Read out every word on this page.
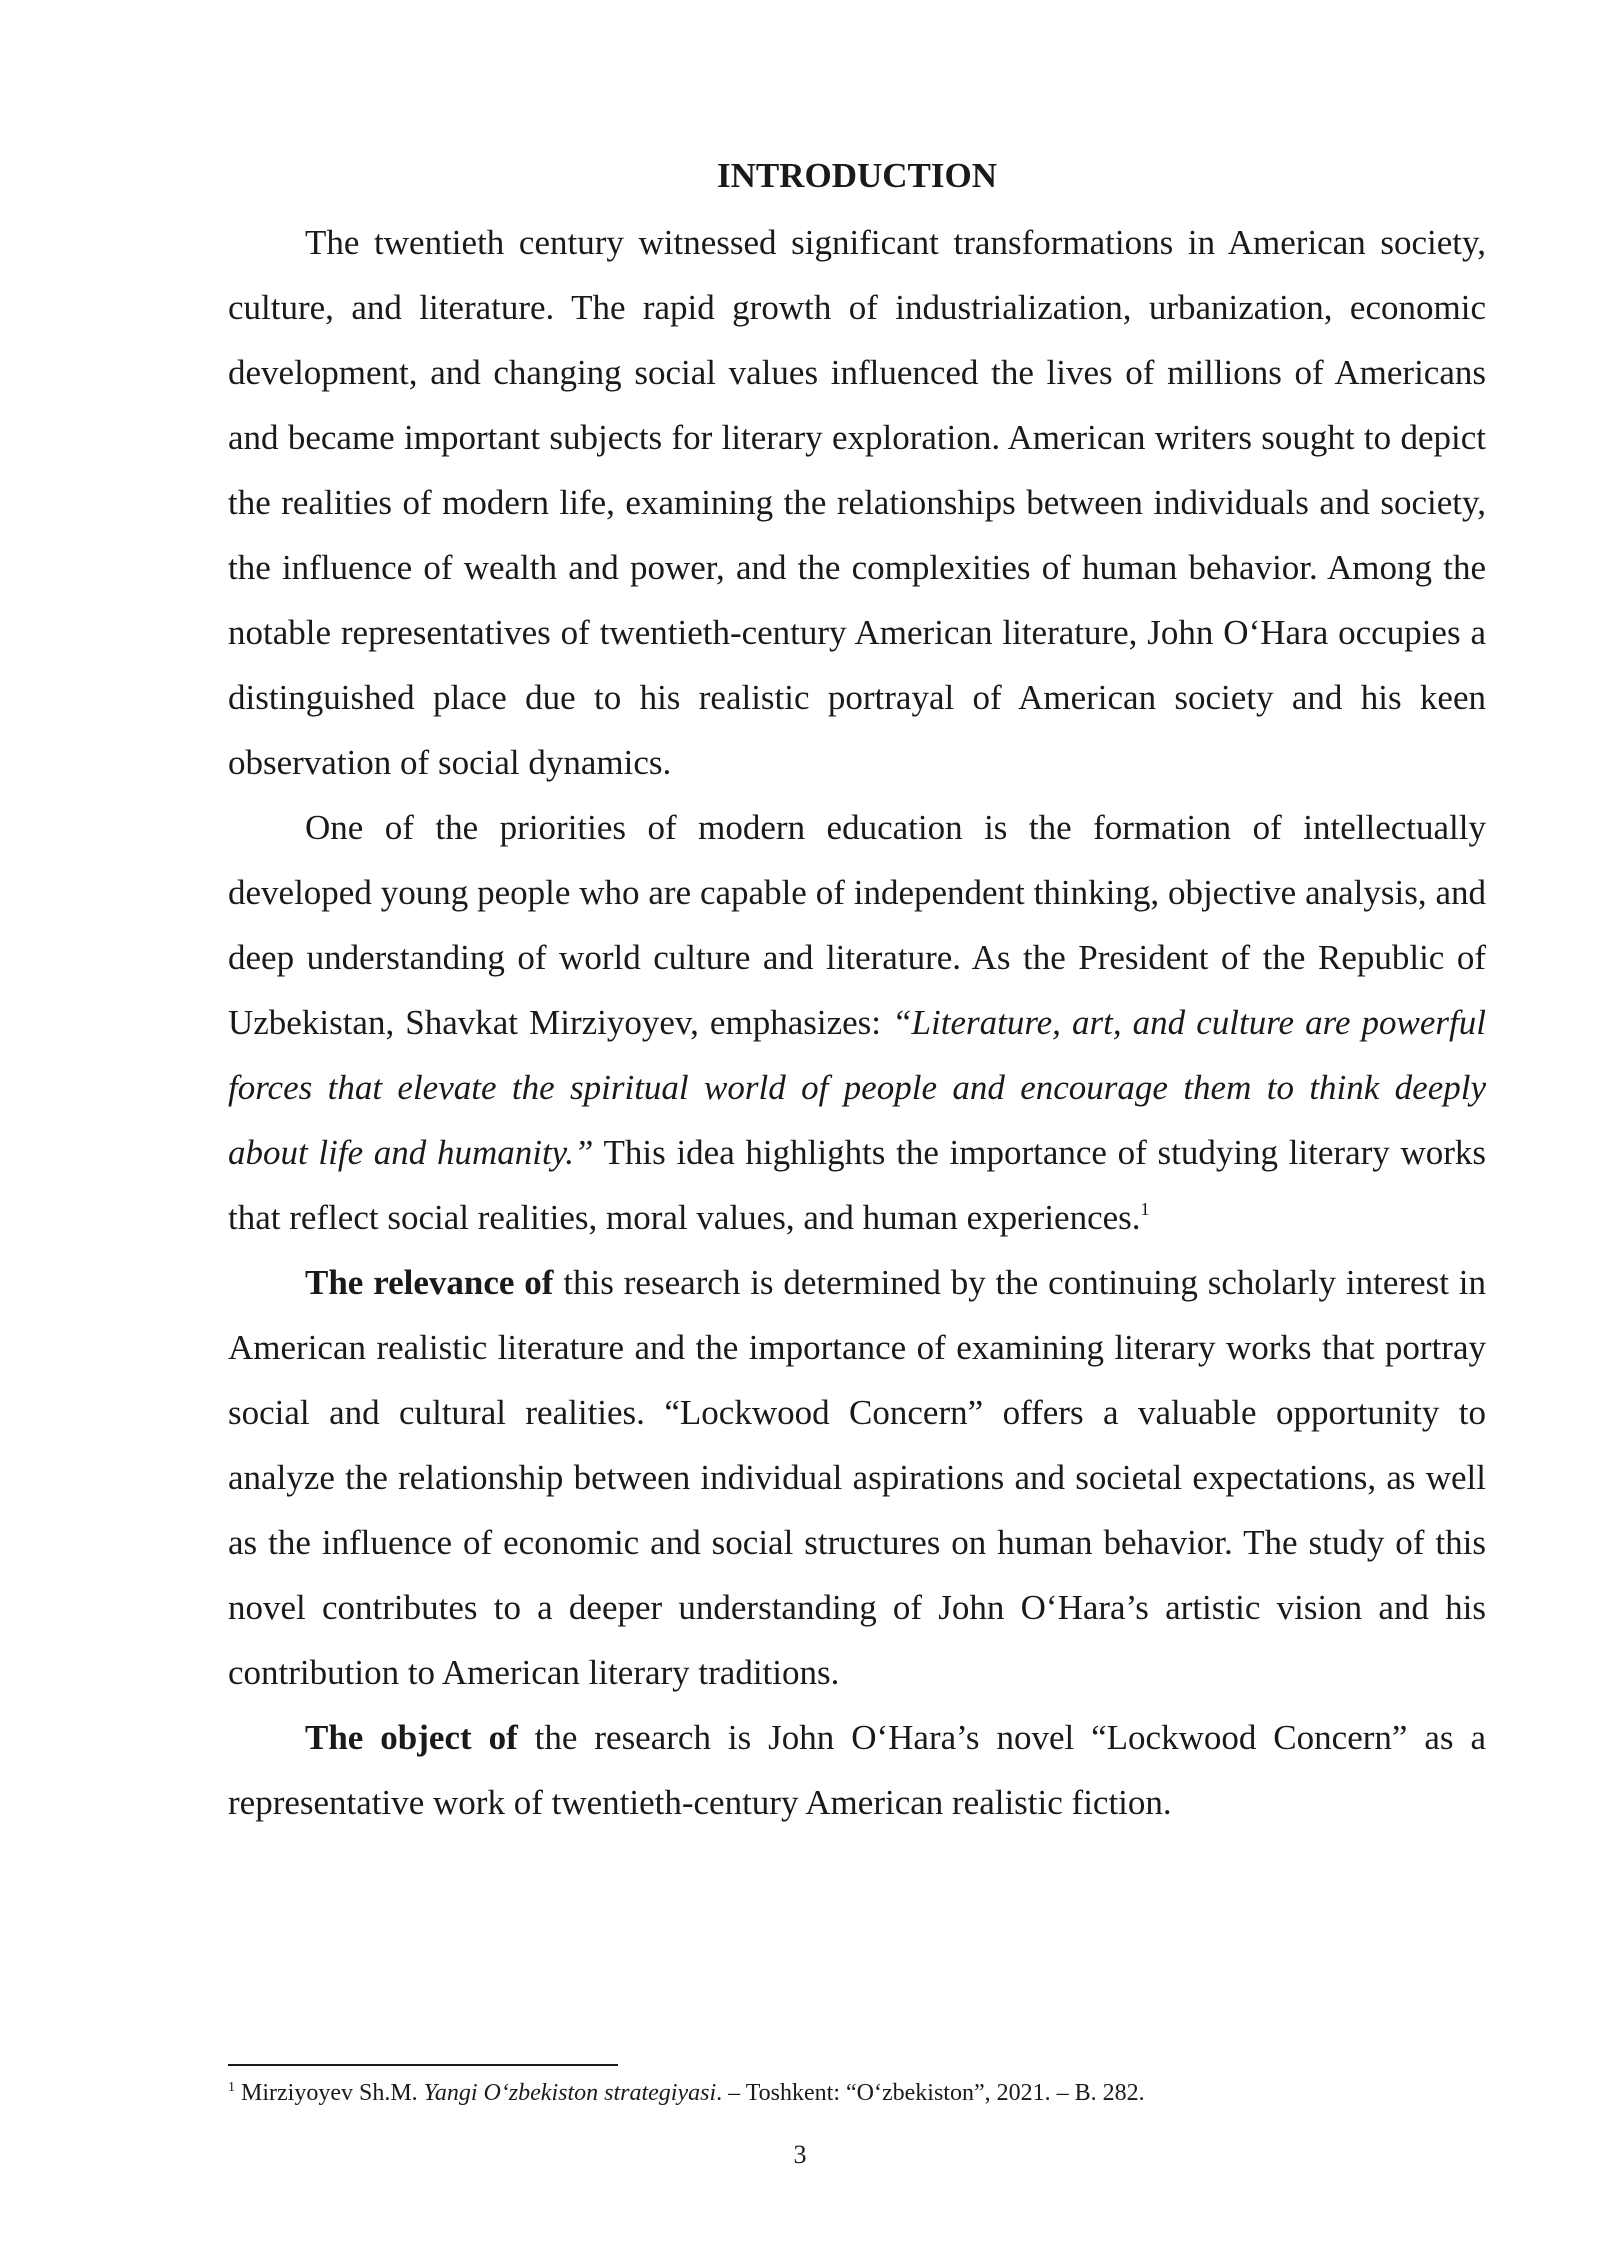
INTRODUCTION

The twentieth century witnessed significant transformations in American society, culture, and literature. The rapid growth of industrialization, urbanization, economic development, and changing social values influenced the lives of millions of Americans and became important subjects for literary exploration. American writers sought to depict the realities of modern life, examining the relationships between individuals and society, the influence of wealth and power, and the complexities of human behavior. Among the notable representatives of twentieth-century American literature, John O‘Hara occupies a distinguished place due to his realistic portrayal of American society and his keen observation of social dynamics.

One of the priorities of modern education is the formation of intellectually developed young people who are capable of independent thinking, objective analysis, and deep understanding of world culture and literature. As the President of the Republic of Uzbekistan, Shavkat Mirziyoyev, emphasizes: “Literature, art, and culture are powerful forces that elevate the spiritual world of people and encourage them to think deeply about life and humanity.” This idea highlights the importance of studying literary works that reflect social realities, moral values, and human experiences.$^1$

The relevance of this research is determined by the continuing scholarly interest in American realistic literature and the importance of examining literary works that portray social and cultural realities. “Lockwood Concern” offers a valuable opportunity to analyze the relationship between individual aspirations and societal expectations, as well as the influence of economic and social structures on human behavior. The study of this novel contributes to a deeper understanding of John O‘Hara’s artistic vision and his contribution to American literary traditions.

The object of the research is John O‘Hara’s novel “Lockwood Concern” as a representative work of twentieth-century American realistic fiction.

$^1$ Mirziyoyev Sh.M. Yangi O‘zbekiston strategiyasi. – Toshkent: “O‘zbekiston”, 2021. – B. 282.
3
